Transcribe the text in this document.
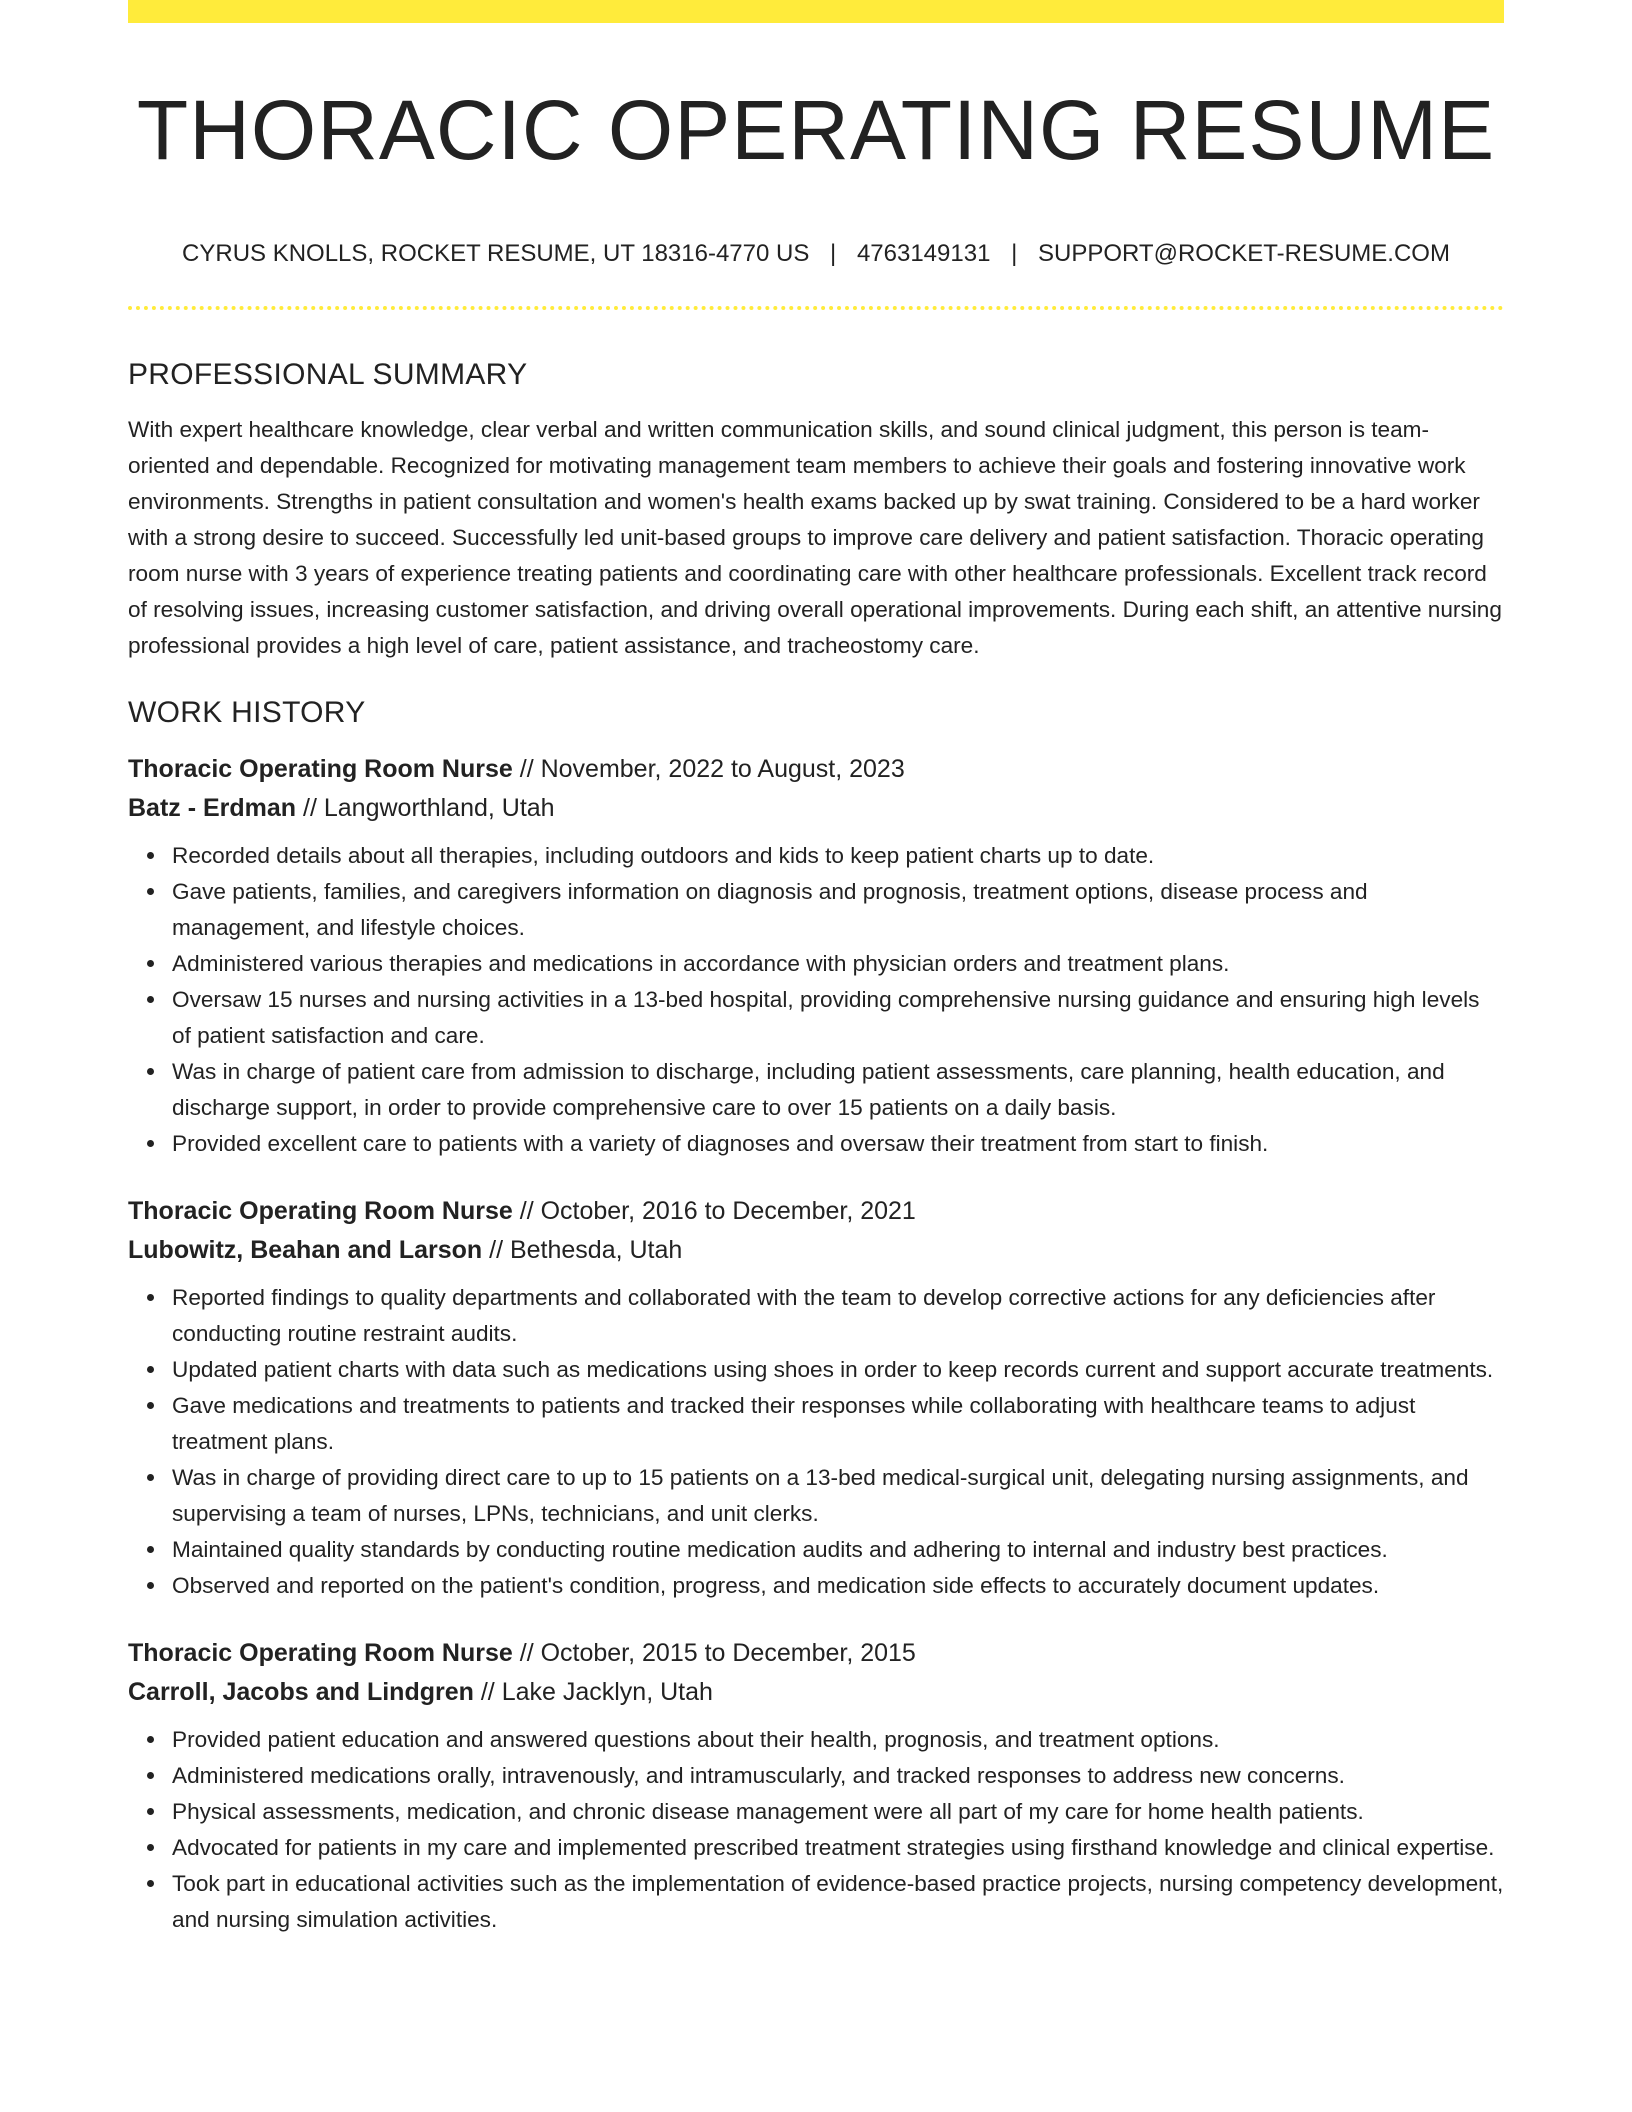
THORACIC OPERATING RESUME
CYRUS KNOLLS, ROCKET RESUME, UT 18316-4770 US | 4763149131 | SUPPORT@ROCKET-RESUME.COM
PROFESSIONAL SUMMARY

With expert healthcare knowledge, clear verbal and written communication skills, and sound clinical judgment, this person is team-oriented and dependable. Recognized for motivating management team members to achieve their goals and fostering innovative work environments. Strengths in patient consultation and women's health exams backed up by swat training. Considered to be a hard worker with a strong desire to succeed. Successfully led unit-based groups to improve care delivery and patient satisfaction. Thoracic operating room nurse with 3 years of experience treating patients and coordinating care with other healthcare professionals. Excellent track record of resolving issues, increasing customer satisfaction, and driving overall operational improvements. During each shift, an attentive nursing professional provides a high level of care, patient assistance, and tracheostomy care.

WORK HISTORY
Thoracic Operating Room Nurse // November, 2022 to August, 2023
Batz - Erdman // Langworthland, Utah
Recorded details about all therapies, including outdoors and kids to keep patient charts up to date.
Gave patients, families, and caregivers information on diagnosis and prognosis, treatment options, disease process and management, and lifestyle choices.
Administered various therapies and medications in accordance with physician orders and treatment plans.
Oversaw 15 nurses and nursing activities in a 13-bed hospital, providing comprehensive nursing guidance and ensuring high levels of patient satisfaction and care.
Was in charge of patient care from admission to discharge, including patient assessments, care planning, health education, and discharge support, in order to provide comprehensive care to over 15 patients on a daily basis.
Provided excellent care to patients with a variety of diagnoses and oversaw their treatment from start to finish.
Thoracic Operating Room Nurse // October, 2016 to December, 2021
Lubowitz, Beahan and Larson // Bethesda, Utah
Reported findings to quality departments and collaborated with the team to develop corrective actions for any deficiencies after conducting routine restraint audits.
Updated patient charts with data such as medications using shoes in order to keep records current and support accurate treatments.
Gave medications and treatments to patients and tracked their responses while collaborating with healthcare teams to adjust treatment plans.
Was in charge of providing direct care to up to 15 patients on a 13-bed medical-surgical unit, delegating nursing assignments, and supervising a team of nurses, LPNs, technicians, and unit clerks.
Maintained quality standards by conducting routine medication audits and adhering to internal and industry best practices.
Observed and reported on the patient's condition, progress, and medication side effects to accurately document updates.
Thoracic Operating Room Nurse // October, 2015 to December, 2015
Carroll, Jacobs and Lindgren // Lake Jacklyn, Utah
Provided patient education and answered questions about their health, prognosis, and treatment options.
Administered medications orally, intravenously, and intramuscularly, and tracked responses to address new concerns.
Physical assessments, medication, and chronic disease management were all part of my care for home health patients.
Advocated for patients in my care and implemented prescribed treatment strategies using firsthand knowledge and clinical expertise.
Took part in educational activities such as the implementation of evidence-based practice projects, nursing competency development, and nursing simulation activities.
